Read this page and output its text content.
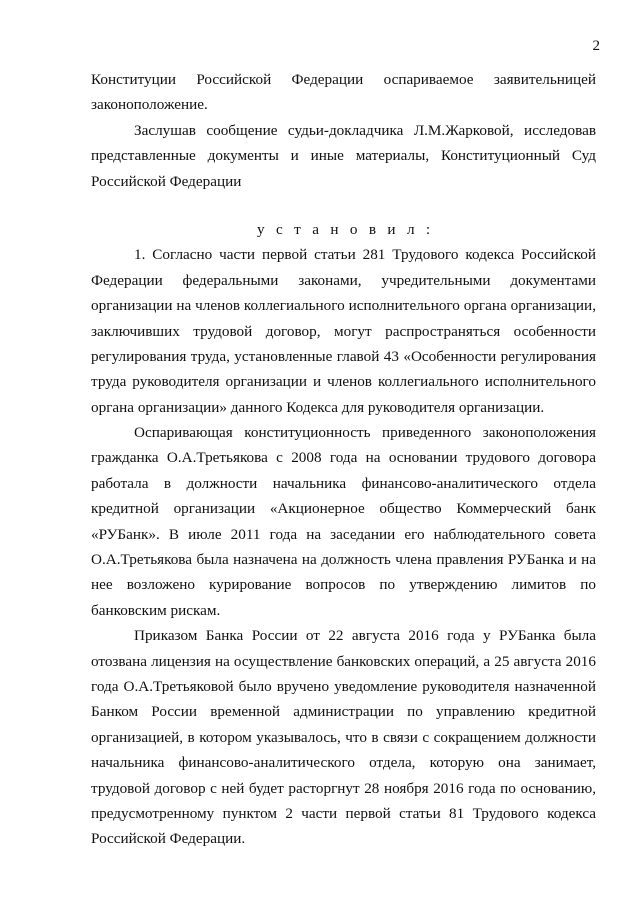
2
Конституции Российской Федерации оспариваемое заявительницей
законоположение.
Заслушав сообщение судьи-докладчика Л.М.Жарковой, исследовав
представленные документы и иные материалы, Конституционный Суд
Российской Федерации
у с т а н о в и л :
1. Согласно части первой статьи 281 Трудового кодекса Российской
Федерации федеральными законами, учредительными документами
организации на членов коллегиального исполнительного органа организации,
заключивших трудовой договор, могут распространяться особенности
регулирования труда, установленные главой 43 «Особенности регулирования
труда руководителя организации и членов коллегиального исполнительного
органа организации» данного Кодекса для руководителя организации.
Оспаривающая конституционность приведенного законоположения
гражданка О.А.Третьякова с 2008 года на основании трудового договора
работала в должности начальника финансово-аналитического отдела
кредитной организации «Акционерное общество Коммерческий банк
«РУБанк». В июле 2011 года на заседании его наблюдательного совета
О.А.Третьякова была назначена на должность члена правления РУБанка и на
нее возложено курирование вопросов по утверждению лимитов по
банковским рискам.
Приказом Банка России от 22 августа 2016 года у РУБанка была
отозвана лицензия на осуществление банковских операций, а 25 августа 2016
года О.А.Третьяковой было вручено уведомление руководителя назначенной
Банком России временной администрации по управлению кредитной
организацией, в котором указывалось, что в связи с сокращением должности
начальника финансово-аналитического отдела, которую она занимает,
трудовой договор с ней будет расторгнут 28 ноября 2016 года по основанию,
предусмотренному пунктом 2 части первой статьи 81 Трудового кодекса
Российской Федерации.
